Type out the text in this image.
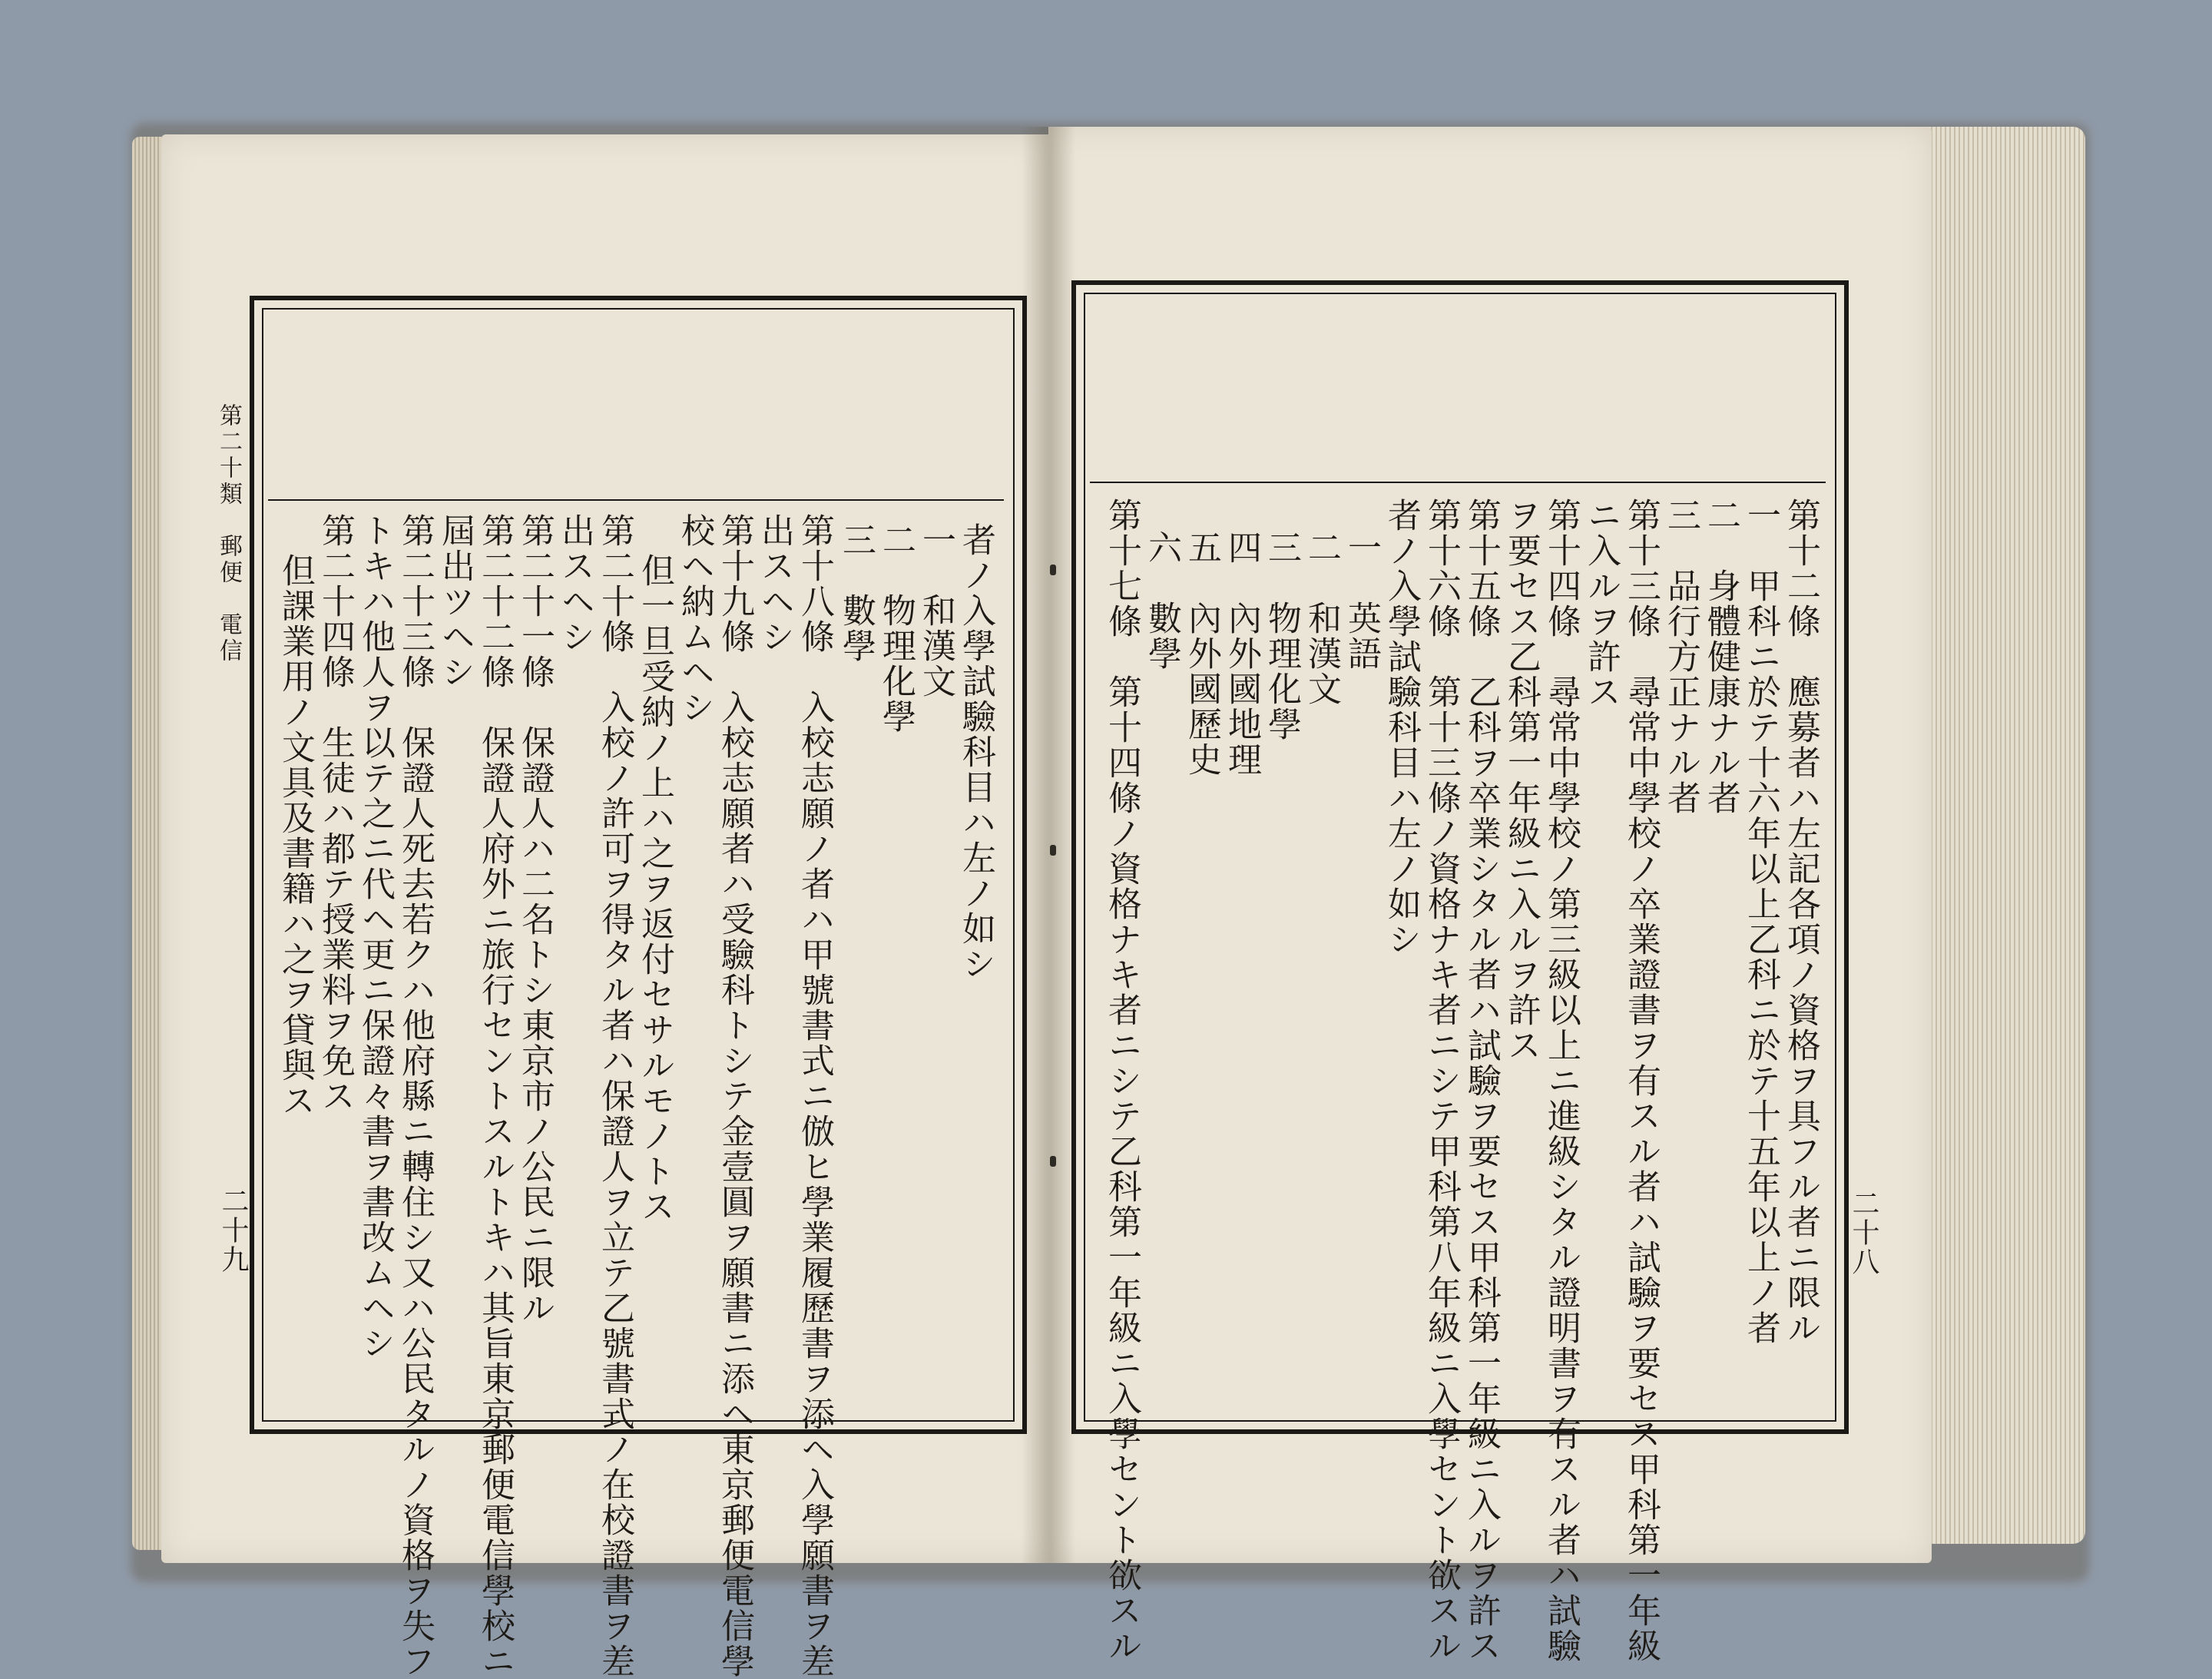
第二十類　郵便　電信
二十九
者ノ入學試驗科目ハ左ノ如シ
一　和漢文
二　物理化學
三　數學
第十八條　入校志願ノ者ハ甲號書式ニ倣ヒ學業履歷書ヲ添ヘ入學願書ヲ差
出スヘシ
第十九條　入校志願者ハ受驗科トシテ金壹圓ヲ願書ニ添ヘ東京郵便電信學
校ヘ納ムヘシ
但一旦受納ノ上ハ之ヲ返付セサルモノトス
第二十條　入校ノ許可ヲ得タル者ハ保證人ヲ立テ乙號書式ノ在校證書ヲ差
出スヘシ
第二十一條　保證人ハ二名トシ東京市ノ公民ニ限ル
第二十二條　保證人府外ニ旅行セントスルトキハ其旨東京郵便電信學校ニ
屆出ツヘシ
第二十三條　保證人死去若クハ他府縣ニ轉住シ又ハ公民タルノ資格ヲ失フ
トキハ他人ヲ以テ之ニ代ヘ更ニ保證々書ヲ書改ムヘシ
第二十四條　生徒ハ都テ授業料ヲ免ス
但課業用ノ文具及書籍ハ之ヲ貸與ス
二十八
第十二條　應募者ハ左記各項ノ資格ヲ具フル者ニ限ル
一　甲科ニ於テ十六年以上乙科ニ於テ十五年以上ノ者
二　身體健康ナル者
三　品行方正ナル者
第十三條　尋常中學校ノ卒業證書ヲ有スル者ハ試驗ヲ要セス甲科第一年級
ニ入ルヲ許ス
第十四條　尋常中學校ノ第三級以上ニ進級シタル證明書ヲ有スル者ハ試驗
ヲ要セス乙科第一年級ニ入ルヲ許ス
第十五條　乙科ヲ卒業シタル者ハ試驗ヲ要セス甲科第一年級ニ入ルヲ許ス
第十六條　第十三條ノ資格ナキ者ニシテ甲科第八年級ニ入學セント欲スル
者ノ入學試驗科目ハ左ノ如シ
一　英語
二　和漢文
三　物理化學
四　內外國地理
五　內外國歷史
六　數學
第十七條　第十四條ノ資格ナキ者ニシテ乙科第一年級ニ入學セント欲スル
